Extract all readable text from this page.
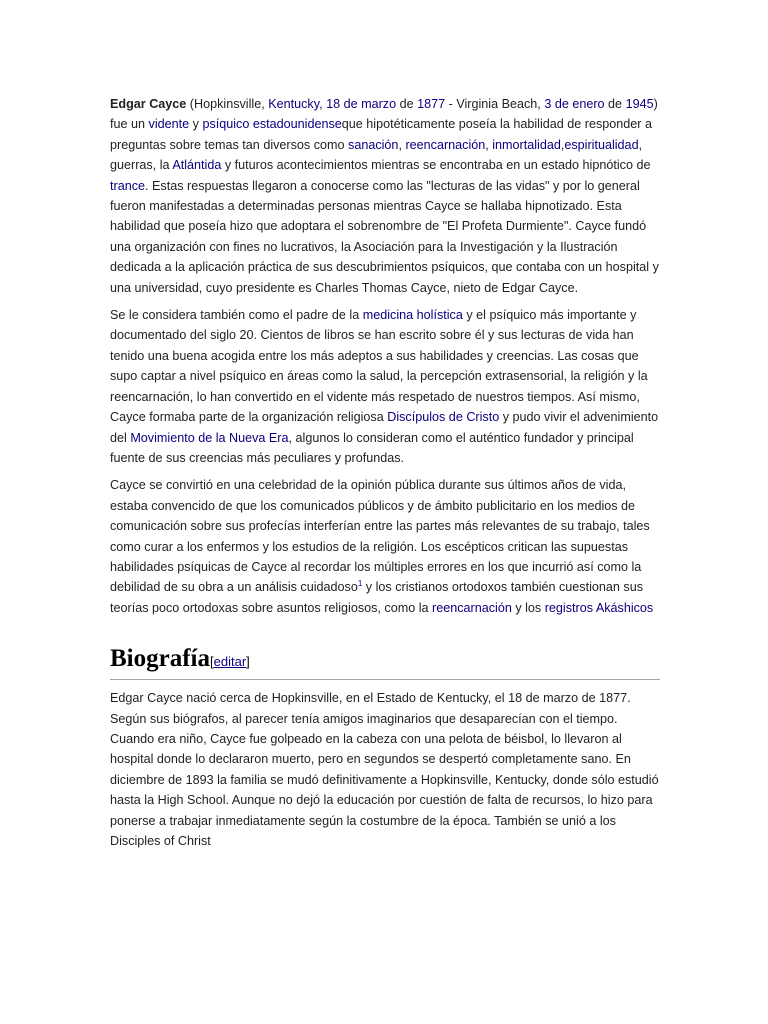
Edgar Cayce (Hopkinsville, Kentucky, 18 de marzo de 1877 - Virginia Beach, 3 de enero de 1945) fue un vidente y psíquico estadounidenseque hipotéticamente poseía la habilidad de responder a preguntas sobre temas tan diversos como sanación, reencarnación, inmortalidad,espiritualidad, guerras, la Atlántida y futuros acontecimientos mientras se encontraba en un estado hipnótico de trance. Estas respuestas llegaron a conocerse como las "lecturas de las vidas" y por lo general fueron manifestadas a determinadas personas mientras Cayce se hallaba hipnotizado. Esta habilidad que poseía hizo que adoptara el sobrenombre de "El Profeta Durmiente". Cayce fundó una organización con fines no lucrativos, la Asociación para la Investigación y la Ilustración dedicada a la aplicación práctica de sus descubrimientos psíquicos, que contaba con un hospital y una universidad, cuyo presidente es Charles Thomas Cayce, nieto de Edgar Cayce.

Se le considera también como el padre de la medicina holística y el psíquico más importante y documentado del siglo 20. Cientos de libros se han escrito sobre él y sus lecturas de vida han tenido una buena acogida entre los más adeptos a sus habilidades y creencias. Las cosas que supo captar a nivel psíquico en áreas como la salud, la percepción extrasensorial, la religión y la reencarnación, lo han convertido en el vidente más respetado de nuestros tiempos. Así mismo, Cayce formaba parte de la organización religiosa Discípulos de Cristo y pudo vivir el advenimiento del Movimiento de la Nueva Era, algunos lo consideran como el auténtico fundador y principal fuente de sus creencias más peculiares y profundas.

Cayce se convirtió en una celebridad de la opinión pública durante sus últimos años de vida, estaba convencido de que los comunicados públicos y de ámbito publicitario en los medios de comunicación sobre sus profecías interferían entre las partes más relevantes de su trabajo, tales como curar a los enfermos y los estudios de la religión. Los escépticos critican las supuestas habilidades psíquicas de Cayce al recordar los múltiples errores en los que incurrió así como la debilidad de su obra a un análisis cuidadoso$^1$ y los cristianos ortodoxos también cuestionan sus teorías poco ortodoxas sobre asuntos religiosos, como la reencarnación y los registros Akáshicos

Biografía[editar]

Edgar Cayce nació cerca de Hopkinsville, en el Estado de Kentucky, el 18 de marzo de 1877. Según sus biógrafos, al parecer tenía amigos imaginarios que desaparecían con el tiempo. Cuando era niño, Cayce fue golpeado en la cabeza con una pelota de béisbol, lo llevaron al hospital donde lo declararon muerto, pero en segundos se despertó completamente sano. En diciembre de 1893 la familia se mudó definitivamente a Hopkinsville, Kentucky, donde sólo estudió hasta la High School. Aunque no dejó la educación por cuestión de falta de recursos, lo hizo para ponerse a trabajar inmediatamente según la costumbre de la época. También se unió a los Disciples of Christ
